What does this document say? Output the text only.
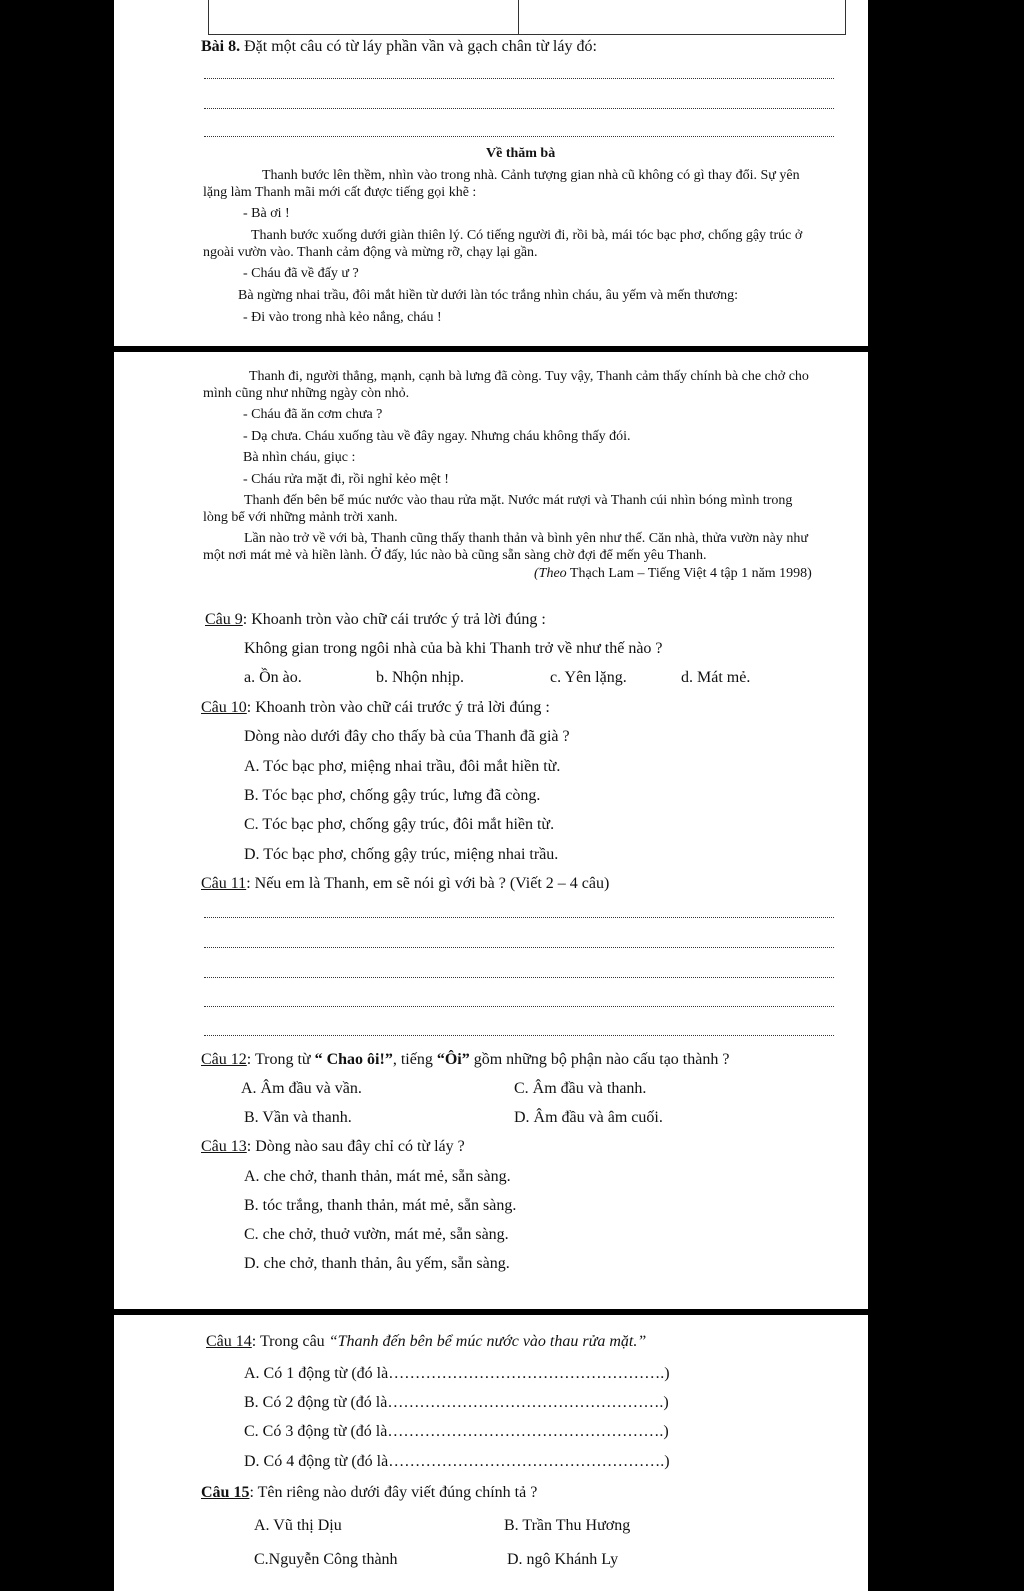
Bài 8. Đặt một câu có từ láy phần vần và gạch chân từ láy đó:
Về thăm bà
Thanh bước lên thềm, nhìn vào trong nhà. Cảnh tượng gian nhà cũ không có gì thay đổi. Sự yên
lặng làm Thanh mãi mới cất được tiếng gọi khẽ :
- Bà ơi !
Thanh bước xuống dưới giàn thiên lý. Có tiếng người đi, rồi bà, mái tóc bạc phơ, chống gậy trúc ở
ngoài vườn vào. Thanh cảm động và mừng rỡ, chạy lại gần.
- Cháu đã về đấy ư ?
Bà ngừng nhai trầu, đôi mắt hiền từ dưới làn tóc trắng nhìn cháu, âu yếm và mến thương:
- Đi vào trong nhà kẻo nắng, cháu !
Thanh đi, người thẳng, mạnh, cạnh bà lưng đã còng. Tuy vậy, Thanh cảm thấy chính bà che chở cho
mình cũng như những ngày còn nhỏ.
- Cháu đã ăn cơm chưa ?
- Dạ chưa. Cháu xuống tàu về đây ngay. Nhưng cháu không thấy đói.
Bà nhìn cháu, giục :
- Cháu rửa mặt đi, rồi nghỉ kẻo mệt !
Thanh đến bên bể múc nước vào thau rửa mặt. Nước mát rượi và Thanh cúi nhìn bóng mình trong
lòng bể với những mảnh trời xanh.
Lần nào trở về với bà, Thanh cũng thấy thanh thản và bình yên như thế. Căn nhà, thửa vườn này như
một nơi mát mẻ và hiền lành. Ở đấy, lúc nào bà cũng sẵn sàng chờ đợi để mến yêu Thanh.
(Theo Thạch Lam – Tiếng Việt 4 tập 1 năm 1998)
Câu 9: Khoanh tròn vào chữ cái trước ý trả lời đúng :
Không gian trong ngôi nhà của bà khi Thanh trở về như thế nào ?
a. Ồn ào.	b. Nhộn nhịp.	c. Yên lặng.	d. Mát mẻ.
Câu 10: Khoanh tròn vào chữ cái trước ý trả lời đúng :
Dòng nào dưới đây cho thấy bà của Thanh đã già ?
A. Tóc bạc phơ, miệng nhai trầu, đôi mắt hiền từ.
B. Tóc bạc phơ, chống gậy trúc, lưng đã còng.
C. Tóc bạc phơ, chống gậy trúc, đôi mắt hiền từ.
D. Tóc bạc phơ, chống gậy trúc, miệng nhai trầu.
Câu 11: Nếu em là Thanh, em sẽ nói gì với bà ? (Viết 2 – 4 câu)
Câu 12: Trong từ “ Chao ôi!”, tiếng “Ôi” gồm những bộ phận nào cấu tạo thành ?
A. Âm đầu và vần.	C. Âm đầu và thanh.
B. Vần và thanh.	D. Âm đầu và âm cuối.
Câu 13: Dòng nào sau đây chỉ có từ láy ?
A. che chở, thanh thản, mát mẻ, sẵn sàng.
B. tóc trắng, thanh thản, mát mẻ, sẵn sàng.
C. che chở, thuở vườn, mát mẻ, sẵn sàng.
D. che chở, thanh thản, âu yếm, sẵn sàng.
Câu 14: Trong câu “Thanh đến bên bể múc nước vào thau rửa mặt.”
A. Có 1 động từ (đó là…………………………………………….)
B. Có 2 động từ (đó là…………………………………………….)
C. Có 3 động từ (đó là…………………………………………….)
D. Có 4 động từ (đó là…………………………………………….)
Câu 15: Tên riêng nào dưới đây viết đúng chính tả ?
A. Vũ thị Dịu	B. Trần Thu Hương
C.Nguyễn Công thành	D. ngô Khánh Ly
